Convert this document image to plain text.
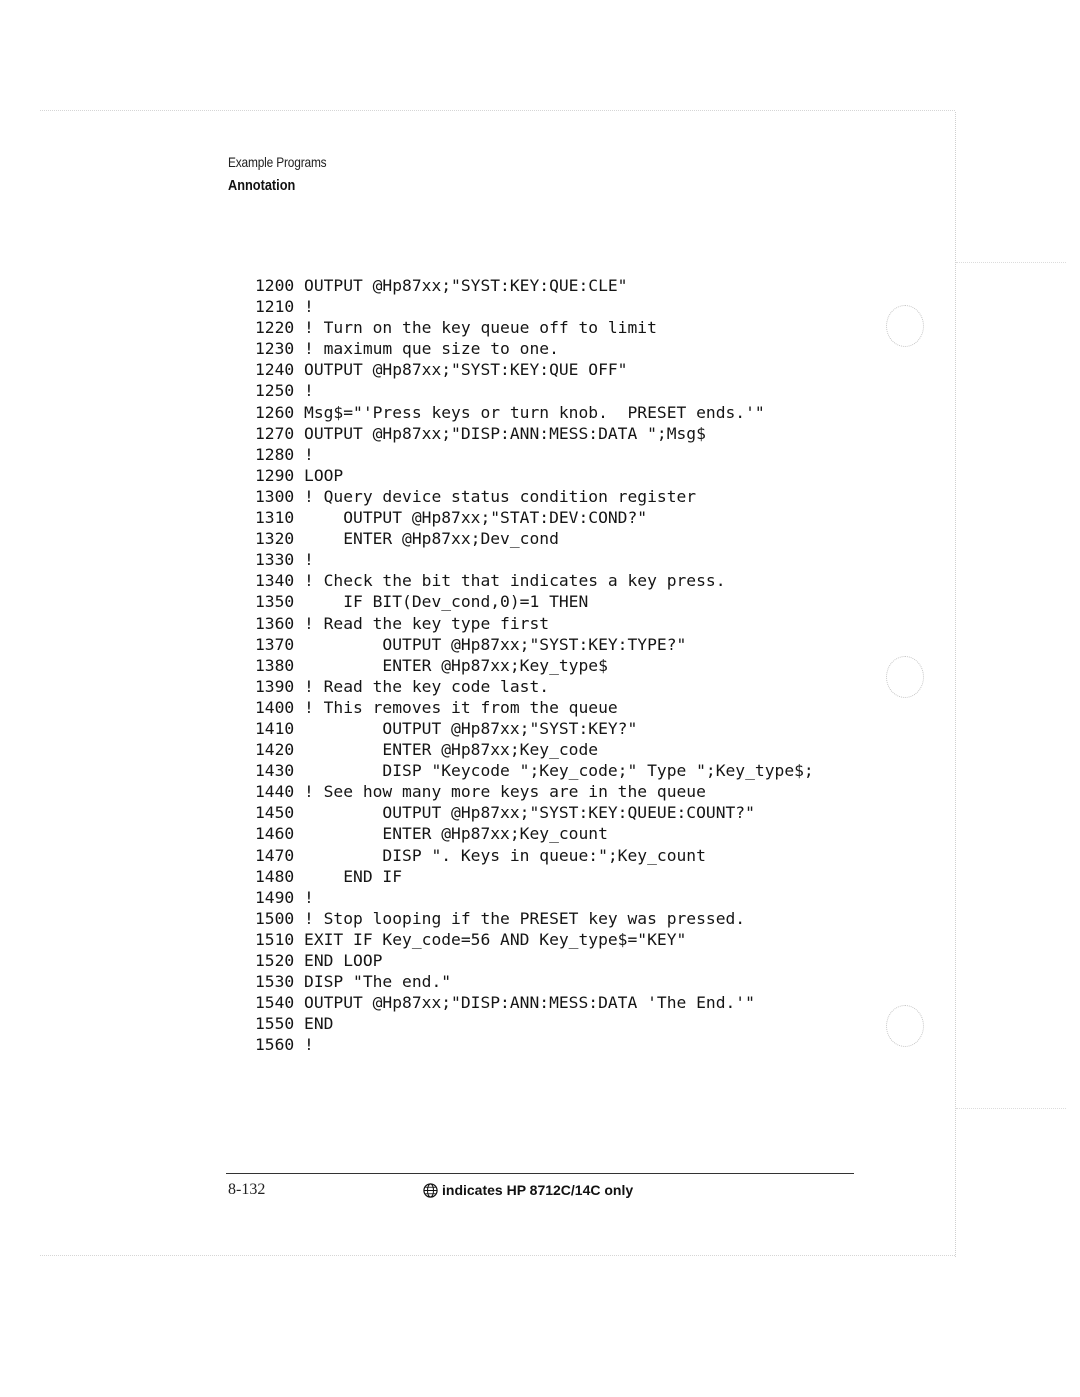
Example Programs
Annotation
1200 OUTPUT @Hp87xx;"SYST:KEY:QUE:CLE"
1210 !
1220 ! Turn on the key queue off to limit
1230 ! maximum que size to one.
1240 OUTPUT @Hp87xx;"SYST:KEY:QUE OFF"
1250 !
1260 Msg$="'Press keys or turn knob.  PRESET ends.'"
1270 OUTPUT @Hp87xx;"DISP:ANN:MESS:DATA ";Msg$
1280 !
1290 LOOP
1300 ! Query device status condition register
1310     OUTPUT @Hp87xx;"STAT:DEV:COND?"
1320     ENTER @Hp87xx;Dev_cond
1330 !
1340 ! Check the bit that indicates a key press.
1350     IF BIT(Dev_cond,0)=1 THEN
1360 ! Read the key type first
1370         OUTPUT @Hp87xx;"SYST:KEY:TYPE?"
1380         ENTER @Hp87xx;Key_type$
1390 ! Read the key code last.
1400 ! This removes it from the queue
1410         OUTPUT @Hp87xx;"SYST:KEY?"
1420         ENTER @Hp87xx;Key_code
1430         DISP "Keycode ";Key_code;" Type ";Key_type$;
1440 ! See how many more keys are in the queue
1450         OUTPUT @Hp87xx;"SYST:KEY:QUEUE:COUNT?"
1460         ENTER @Hp87xx;Key_count
1470         DISP ". Keys in queue:";Key_count
1480     END IF
1490 !
1500 ! Stop looping if the PRESET key was pressed.
1510 EXIT IF Key_code=56 AND Key_type$="KEY"
1520 END LOOP
1530 DISP "The end."
1540 OUTPUT @Hp87xx;"DISP:ANN:MESS:DATA 'The End.'"
1550 END
1560 !
8-132	indicates HP 8712C/14C only
